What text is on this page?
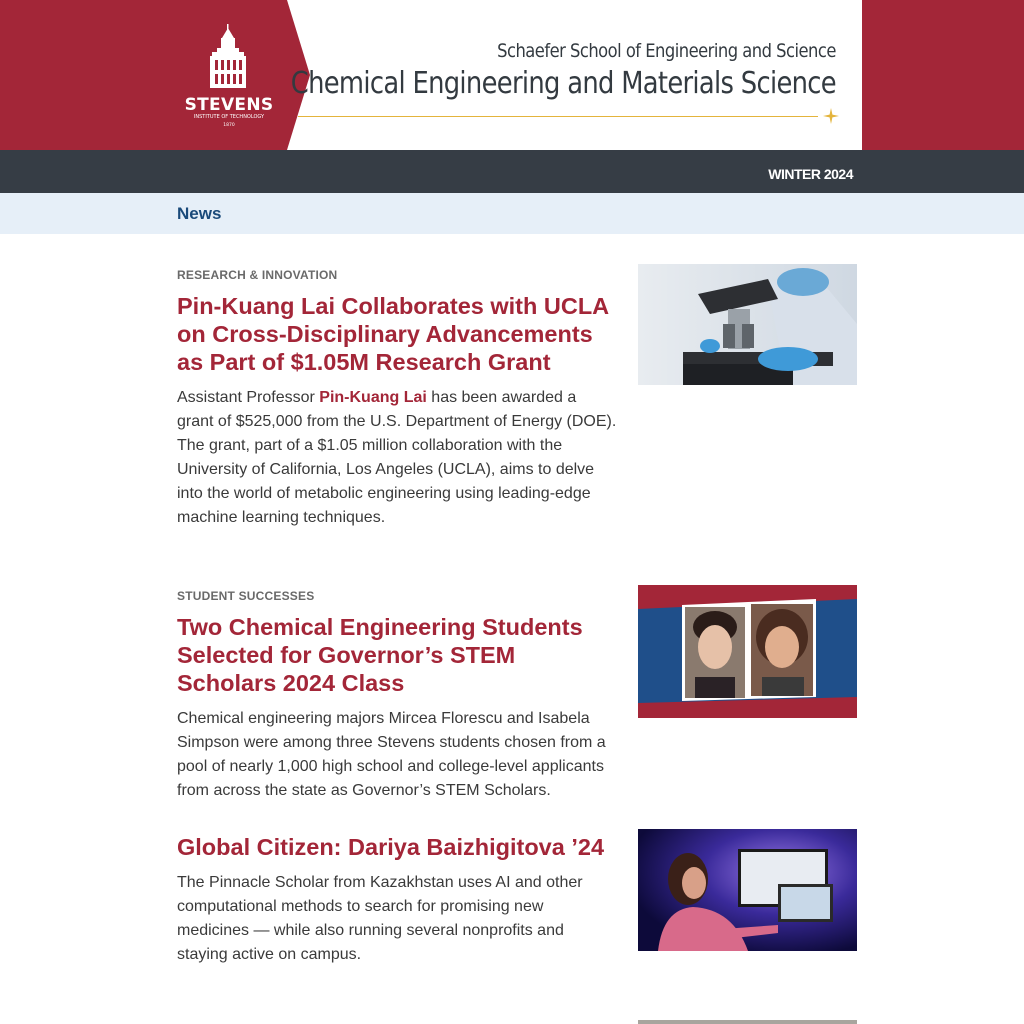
STEVENS
INSTITUTE OF TECHNOLOGY
1870
Schaefer School of Engineering and Science
Chemical Engineering and Materials Science
WINTER 2024
News
RESEARCH & INNOVATION
Pin-Kuang Lai Collaborates with UCLA on Cross-Disciplinary Advancements as Part of $1.05M Research Grant

Assistant Professor Pin-Kuang Lai has been awarded a grant of $525,000 from the U.S. Department of Energy (DOE). The grant, part of a $1.05 million collaboration with the University of California, Los Angeles (UCLA), aims to delve into the world of metabolic engineering using leading-edge machine learning techniques.

STUDENT SUCCESSES
Two Chemical Engineering Students Selected for Governor’s STEM Scholars 2024 Class

Chemical engineering majors Mircea Florescu and Isabela Simpson were among three Stevens students chosen from a pool of nearly 1,000 high school and college-level applicants from across the state as Governor’s STEM Scholars.

Global Citizen: Dariya Baizhigitova ’24

The Pinnacle Scholar from Kazakhstan uses AI and other computational methods to search for promising new medicines — while also running several nonprofits and staying active on campus.
